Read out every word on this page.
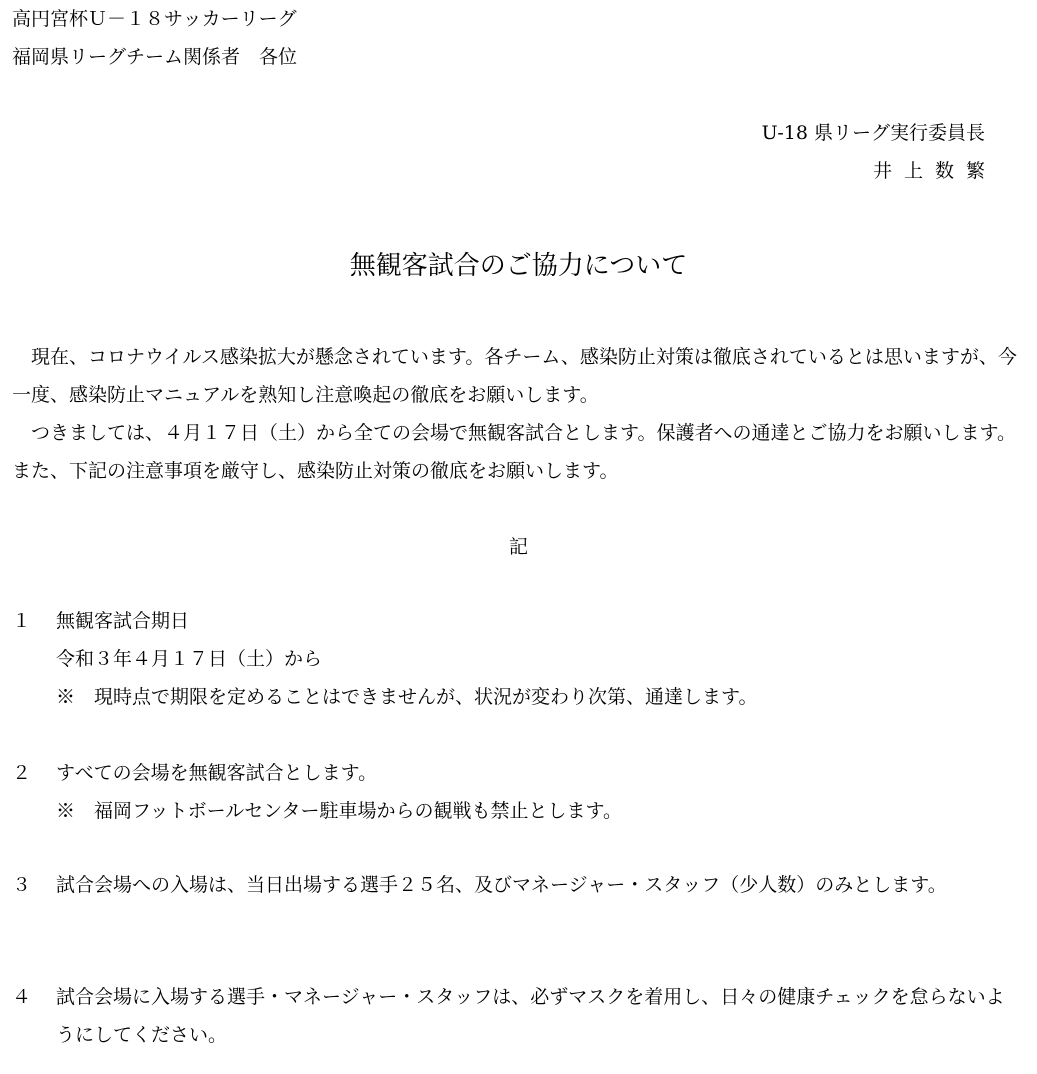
高円宮杯Ｕ－１８サッカーリーグ
福岡県リーグチーム関係者　各位
U-18 県リーグ実行委員長
井上数繁
無観客試合のご協力について

現在、コロナウイルス感染拡大が懸念されています。各チーム、感染防止対策は徹底されているとは思いますが、今一度、感染防止マニュアルを熟知し注意喚起の徹底をお願いします。

つきましては、４月１７日（土）から全ての会場で無観客試合とします。保護者への通達とご協力をお願いします。また、下記の注意事項を厳守し、感染防止対策の徹底をお願いします。

記
１	無観客試合期日
令和３年４月１７日（土）から
※　現時点で期限を定めることはできませんが、状況が変わり次第、通達します。
２	すべての会場を無観客試合とします。
※　福岡フットボールセンター駐車場からの観戦も禁止とします。
３	試合会場への入場は、当日出場する選手２５名、及びマネージャー・スタッフ（少人数）のみとします。
４	試合会場に入場する選手・マネージャー・スタッフは、必ずマスクを着用し、日々の健康チェックを怠らないようにしてください。
